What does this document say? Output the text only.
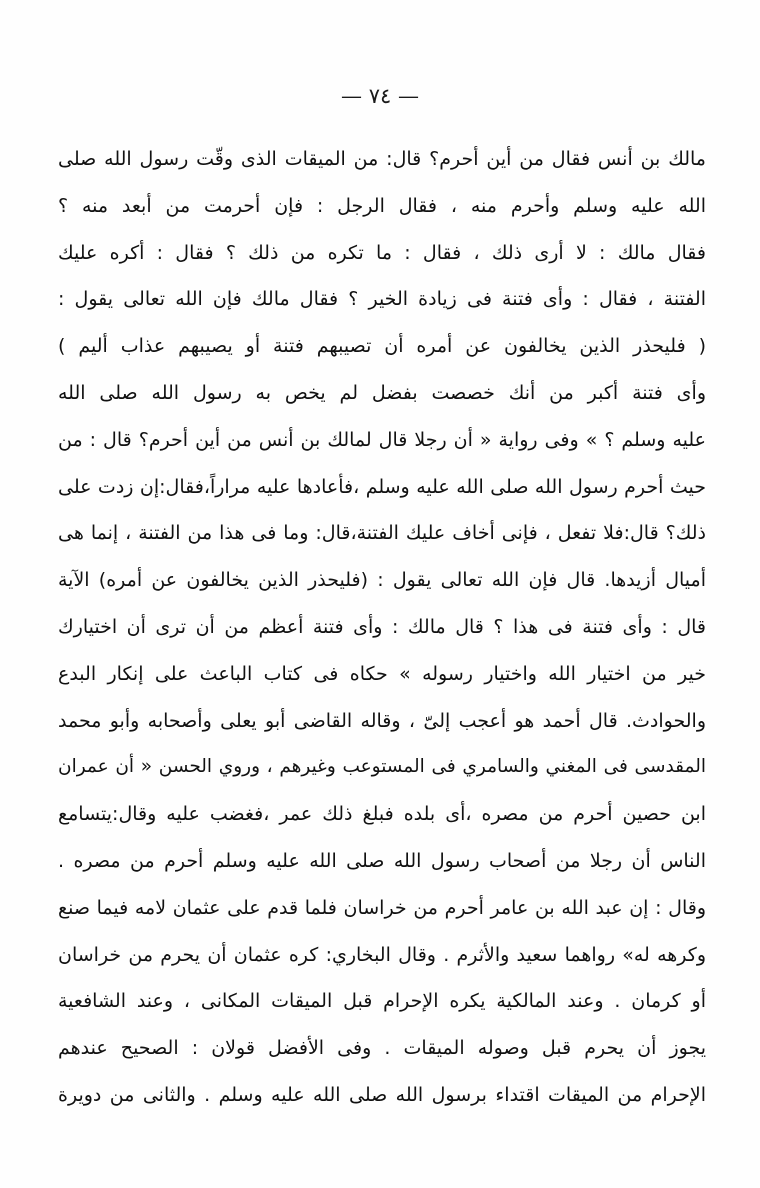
— ٧٤ —
مالك بن أنس فقال من أين أحرم؟ قال: من الميقات الذى وقّت رسول الله صلى
الله عليه وسلم وأحرم منه ، فقال الرجل : فإن أحرمت من أبعد منه ؟
فقال مالك : لا أرى ذلك ، فقال : ما تكره من ذلك ؟ فقال : أكره عليك
الفتنة ، فقال : وأى فتنة فى زيادة الخير ؟ فقال مالك فإن الله تعالى يقول :
( فليحذر الذين يخالفون عن أمره أن تصيبهم فتنة أو يصيبهم عذاب أليم )
وأى فتنة أكبر من أنك خصصت بفضل لم يخص به رسول الله صلى الله
عليه وسلم ؟ » وفى رواية « أن رجلا قال لمالك بن أنس من أين أحرم؟ قال : من
حيث أحرم رسول الله صلى الله عليه وسلم ،فأعادها عليه مراراً،فقال:إن زدت على
ذلك؟ قال:فلا تفعل ، فإنى أخاف عليك الفتنة،قال: وما فى هذا من الفتنة ، إنما هى
أميال أزيدها. قال فإن الله تعالى يقول : (فليحذر الذين يخالفون عن أمره) الآية
قال : وأى فتنة فى هذا ؟ قال مالك : وأى فتنة أعظم من أن ترى أن اختيارك
خير من اختيار الله واختيار رسوله » حكاه فى كتاب الباعث على إنكار البدع
والحوادث. قال أحمد هو أعجب إلىّ ، وقاله القاضى أبو يعلى وأصحابه وأبو محمد
المقدسى فى المغني والسامري فى المستوعب وغيرهم ، وروي الحسن « أن عمران
ابن حصين أحرم من مصره ،أى بلده فبلغ ذلك عمر ،فغضب عليه وقال:يتسامع
الناس أن رجلا من أصحاب رسول الله صلى الله عليه وسلم أحرم من مصره .
وقال : إن عبد الله بن عامر أحرم من خراسان فلما قدم على عثمان لامه فيما صنع
وكرهه له» رواهما سعيد والأثرم . وقال البخاري: كره عثمان أن يحرم من خراسان
أو كرمان . وعند المالكية يكره الإحرام قبل الميقات المكانى ، وعند الشافعية
يجوز أن يحرم قبل وصوله الميقات . وفى الأفضل قولان : الصحيح عندهم
الإحرام من الميقات اقتداء برسول الله صلى الله عليه وسلم . والثانى من دويرة
